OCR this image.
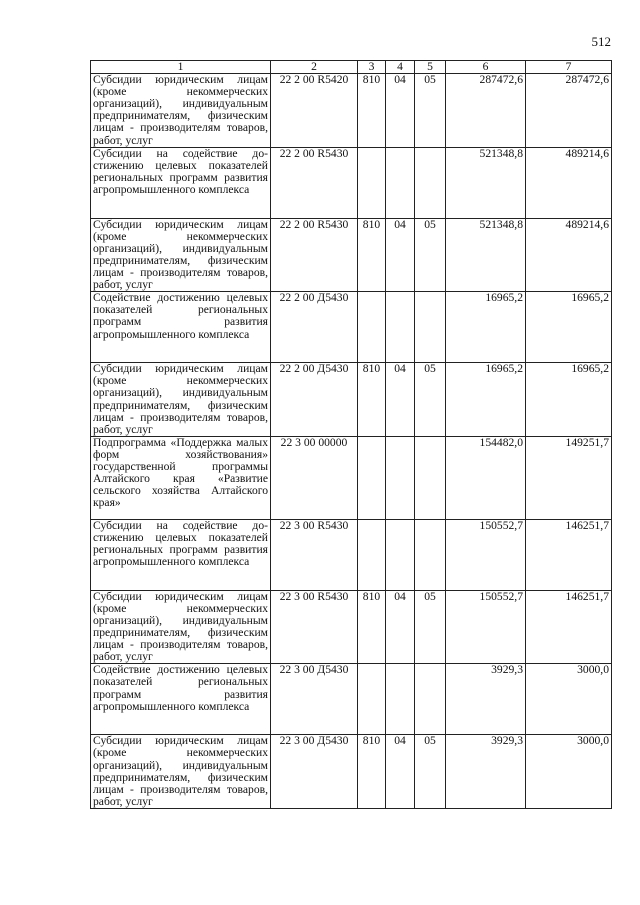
512
1	2	3	4	5	6	7
Субсидии юридическим лицам (кроме некоммерческих организаций), индивидуальным предпринимателям, физическим лицам - производителям товаров, работ, услуг	22 2 00 R5420	810	04	05	287472,6	287472,6
Субсидии на содействие достижению целевых показателей региональных программ развития агропромышленного комплекса	22 2 00 R5430				521348,8	489214,6
Субсидии юридическим лицам (кроме некоммерческих организаций), индивидуальным предпринимателям, физическим лицам - производителям товаров, работ, услуг	22 2 00 R5430	810	04	05	521348,8	489214,6
Содействие достижению целевых показателей региональных программ развития агропромышленного комплекса	22 2 00 Д5430				16965,2	16965,2
Субсидии юридическим лицам (кроме некоммерческих организаций), индивидуальным предпринимателям, физическим лицам - производителям товаров, работ, услуг	22 2 00 Д5430	810	04	05	16965,2	16965,2
Подпрограмма «Поддержка малых форм хозяйствования» государственной программы Алтайского края «Развитие сельского хозяйства Алтайского края»	22 3 00 00000				154482,0	149251,7
Субсидии на содействие достижению целевых показателей региональных программ развития агропромышленного комплекса	22 3 00 R5430				150552,7	146251,7
Субсидии юридическим лицам (кроме некоммерческих организаций), индивидуальным предпринимателям, физическим лицам - производителям товаров, работ, услуг	22 3 00 R5430	810	04	05	150552,7	146251,7
Содействие достижению целевых показателей региональных программ развития агропромышленного комплекса	22 3 00 Д5430				3929,3	3000,0
Субсидии юридическим лицам (кроме некоммерческих организаций), индивидуальным предпринимателям, физическим лицам - производителям товаров, работ, услуг	22 3 00 Д5430	810	04	05	3929,3	3000,0
